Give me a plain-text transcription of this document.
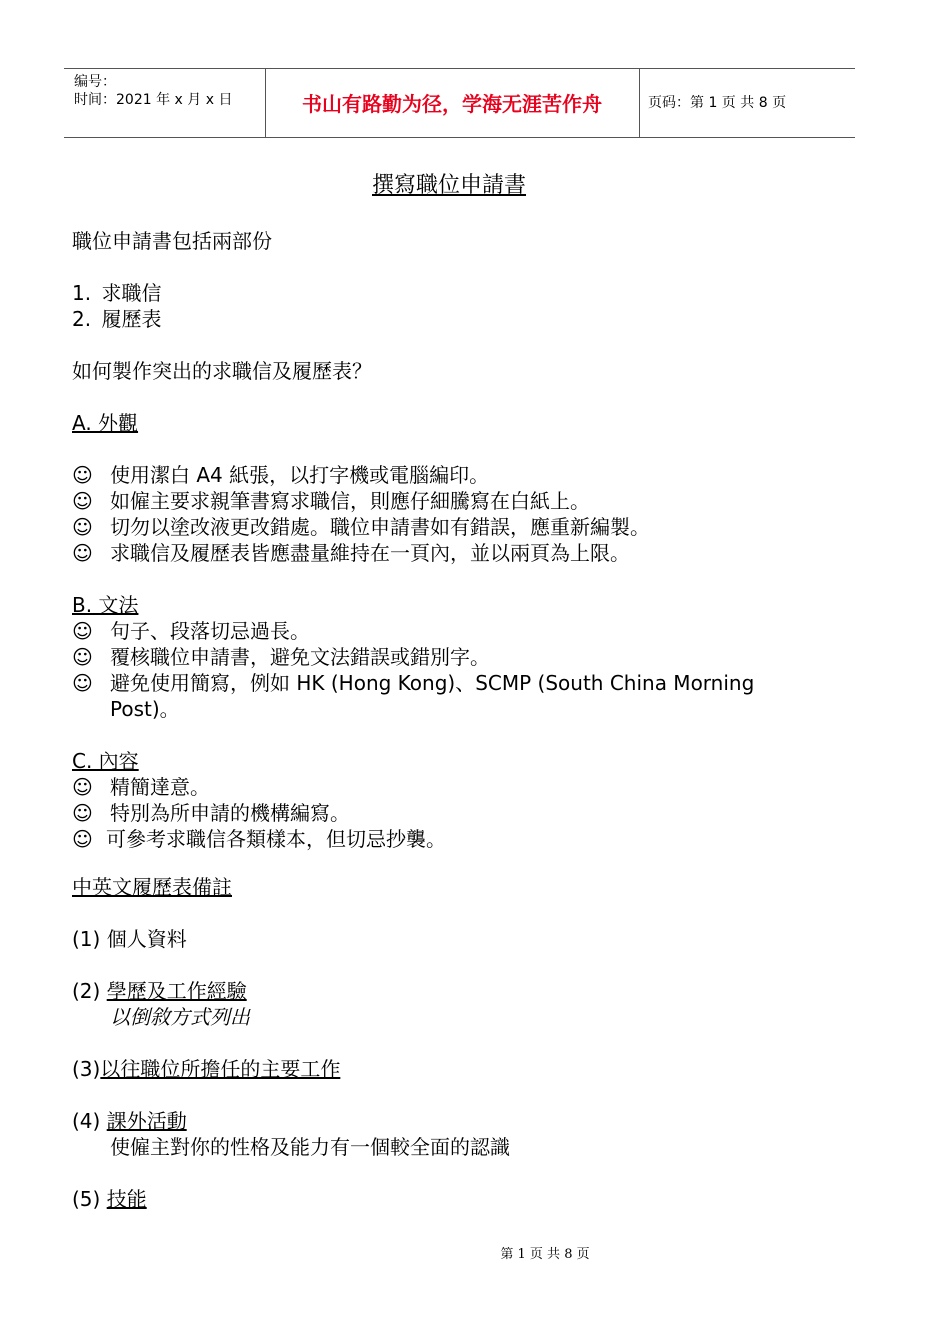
编号：
时间：2021 年 x 月 x 日	书山有路勤为径，学海无涯苦作舟	页码：第 1 页 共 8 页
撰寫職位申請書
職位申請書包括兩部份
1. 求職信
2. 履歷表
如何製作突出的求職信及履歷表？
A. 外觀
☺ 使用潔白 A4 紙張，以打字機或電腦編印。
☺ 如僱主要求親筆書寫求職信，則應仔細騰寫在白紙上。
☺ 切勿以塗改液更改錯處。職位申請書如有錯誤，應重新編製。
☺ 求職信及履歷表皆應盡量維持在一頁內，並以兩頁為上限。
B. 文法
☺ 句子、段落切忌過長。
☺ 覆核職位申請書，避免文法錯誤或錯別字。
☺ 避免使用簡寫，例如 HK (Hong Kong)、SCMP (South China Morning
Post)。
C. 內容
☺ 精簡達意。
☺ 特別為所申請的機構編寫。
☺ 可參考求職信各類樣本，但切忌抄襲。
中英文履歷表備註
(1) 個人資料
(2) 學歷及工作經驗
以倒敘方式列出
(3)以往職位所擔任的主要工作
(4) 課外活動
使僱主對你的性格及能力有一個較全面的認識
(5) 技能
第 1 页 共 8 页
